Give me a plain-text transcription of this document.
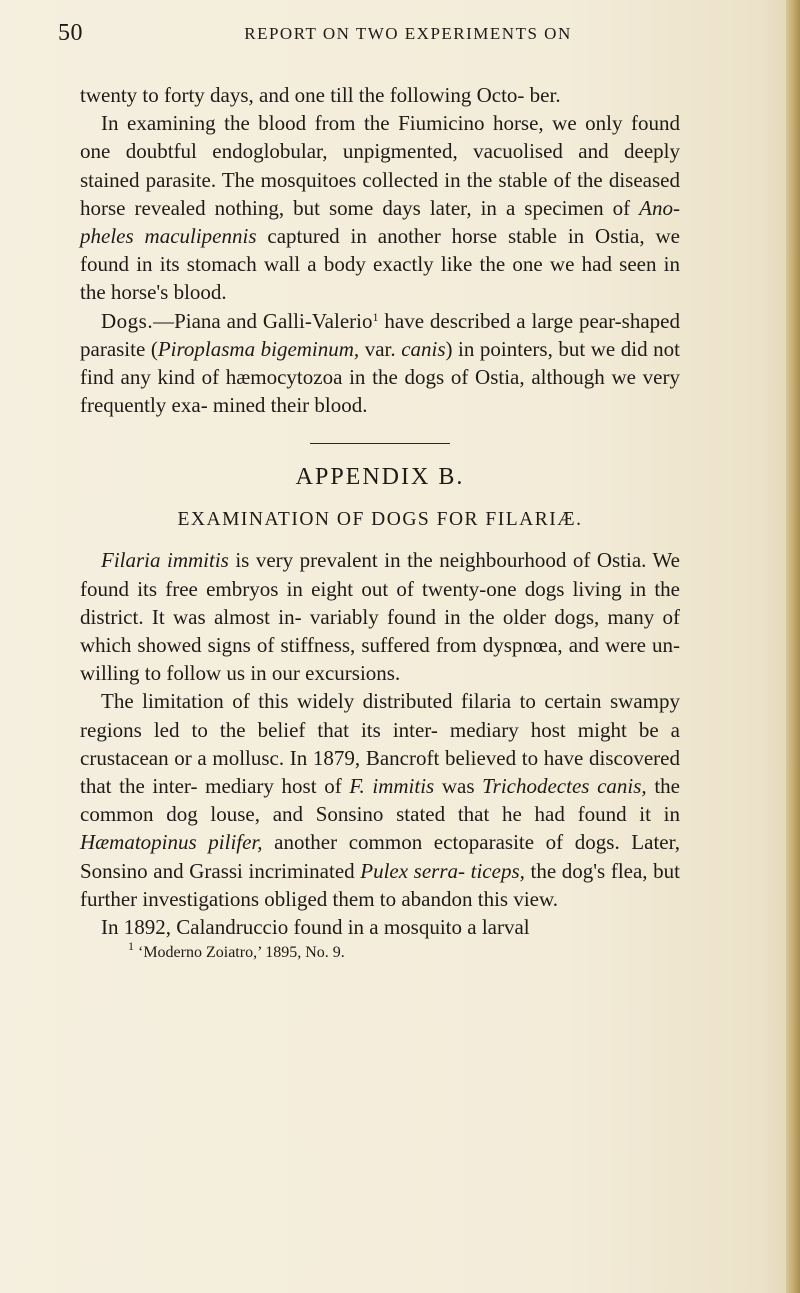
50	REPORT ON TWO EXPERIMENTS ON

twenty to forty days, and one till the following Octo- ber.

In examining the blood from the Fiumicino horse, we only found one doubtful endoglobular, unpigmented, vacuolised and deeply stained parasite. The mosquitoes collected in the stable of the diseased horse revealed nothing, but some days later, in a specimen of Ano- pheles maculipennis captured in another horse stable in Ostia, we found in its stomach wall a body exactly like the one we had seen in the horse's blood.

Dogs.—Piana and Galli-Valerio$^1$ have described a large pear-shaped parasite (Piroplasma bigeminum, var. canis) in pointers, but we did not find any kind of hæmocytozoa in the dogs of Ostia, although we very frequently exa- mined their blood.

APPENDIX B.
EXAMINATION OF DOGS FOR FILARIÆ.

Filaria immitis is very prevalent in the neighbourhood of Ostia. We found its free embryos in eight out of twenty-one dogs living in the district. It was almost in- variably found in the older dogs, many of which showed signs of stiffness, suffered from dyspnœa, and were un- willing to follow us in our excursions.

The limitation of this widely distributed filaria to certain swampy regions led to the belief that its inter- mediary host might be a crustacean or a mollusc. In 1879, Bancroft believed to have discovered that the inter- mediary host of F. immitis was Trichodectes canis, the common dog louse, and Sonsino stated that he had found it in Hæmatopinus pilifer, another common ectoparasite of dogs. Later, Sonsino and Grassi incriminated Pulex serra- ticeps, the dog's flea, but further investigations obliged them to abandon this view.

In 1892, Calandruccio found in a mosquito a larval

$^1$ ‘Moderno Zoiatro,’ 1895, No. 9.
